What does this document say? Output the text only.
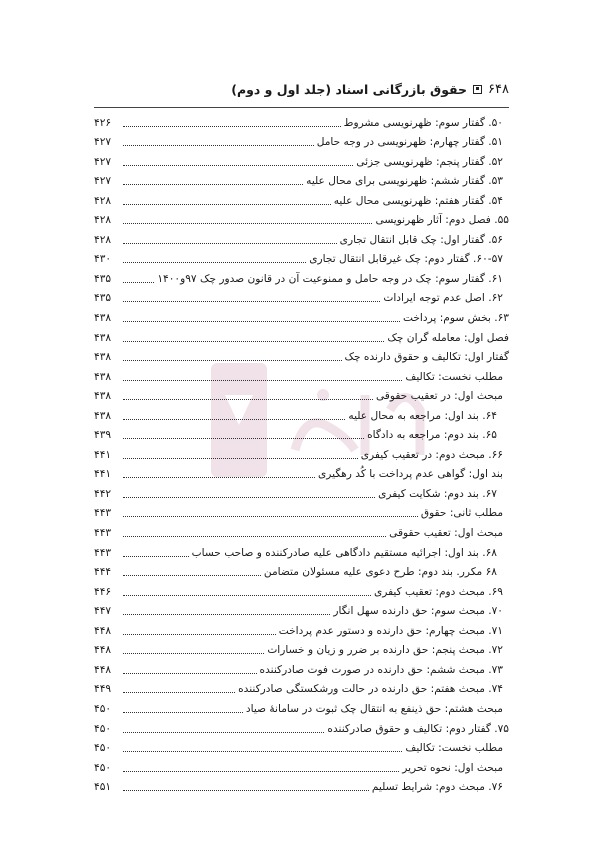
۶۴۸
حقوق بازرگانی اسناد (جلد اول و دوم)
۵۰. گفتار سوم: ظهرنویسی مشروط
۴۲۶
۵۱. گفتار چهارم: ظهرنویسی در وجه حامل
۴۲۷
۵۲. گفتار پنجم: ظهرنویسی جزئی
۴۲۷
۵۳. گفتار ششم: ظهرنویسی برای محال علیه
۴۲۷
۵۴. گفتار هفتم: ظهرنویسی محال علیه
۴۲۸
۵۵. فصل دوم: آثار ظهرنویسی
۴۲۸
۵۶. گفتار اول: چک قابل انتقال تجاری
۴۲۸
۶۰-۵۷. گفتار دوم: چک غیرقابل انتقال تجاری
۴۳۰
۶۱. گفتار سوم: چک در وجه حامل و ممنوعیت آن در قانون صدور چک ۹۷و۱۴۰۰
۴۳۵
۶۲. اصل عدم توجه ایرادات
۴۳۵
۶۳. بخش سوم: پرداخت
۴۳۸
فصل اول: معامله گران چک
۴۳۸
گفتار اول: تکالیف و حقوق دارنده چک
۴۳۸
مطلب نخست: تکالیف
۴۳۸
مبحث اول: در تعقیب حقوقی
۴۳۸
۶۴. بند اول: مراجعه به محال علیه
۴۳۸
۶۵. بند دوم: مراجعه به دادگاه
۴۳۹
۶۶. مبحث دوم: در تعقیب کیفری
۴۴۱
بند اول: گواهی عدم پرداخت با کُد رهگیری
۴۴۱
۶۷. بند دوم: شکایت کیفری
۴۴۲
مطلب ثانی: حقوق
۴۴۳
مبحث اول: تعقیب حقوقی
۴۴۳
۶۸. بند اول: اجرائیه مستقیم دادگاهی علیه صادرکننده و صاحب حساب
۴۴۳
۶۸ مکرر. بند دوم: طرح دعوی علیه مسئولان متضامن
۴۴۴
۶۹. مبحث دوم: تعقیب کیفری
۴۴۶
۷۰. مبحث سوم: حق دارنده سهل انگار
۴۴۷
۷۱. مبحث چهارم: حق دارنده و دستور عدم پرداخت
۴۴۸
۷۲. مبحث پنجم: حق دارنده بر ضرر و زیان و خسارات
۴۴۸
۷۳. مبحث ششم: حق دارنده در صورت فوت صادرکننده
۴۴۸
۷۴. مبحث هفتم: حق دارنده در حالت ورشکستگی صادرکننده
۴۴۹
مبحث هشتم: حق ذینفع به انتقال چک ثبوت در سامانهٔ صیاد
۴۵۰
۷۵. گفتار دوم: تکالیف و حقوق صادرکننده
۴۵۰
مطلب نخست: تکالیف
۴۵۰
مبحث اول: نحوه تحریر
۴۵۰
۷۶. مبحث دوم: شرایط تسلیم
۴۵۱
